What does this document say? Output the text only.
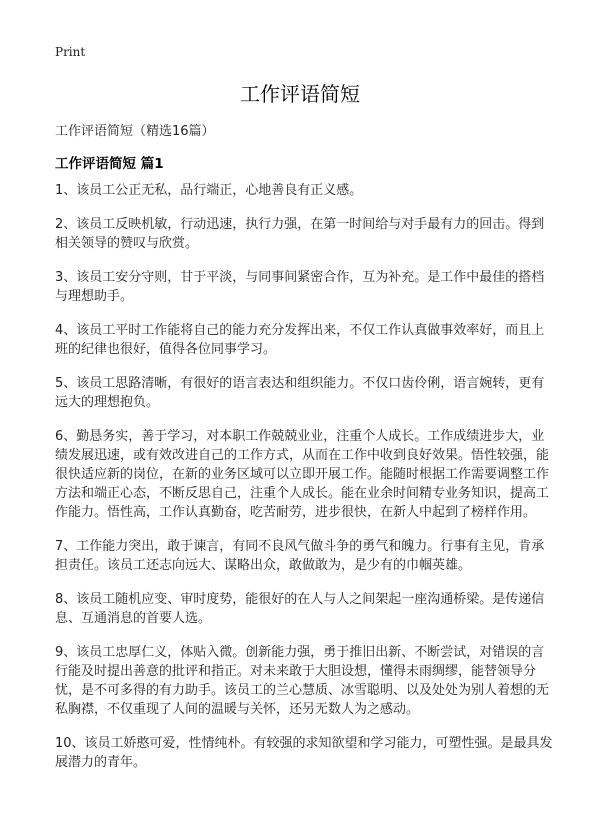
Print
工作评语简短
工作评语简短（精选16篇）
工作评语简短 篇1
1、该员工公正无私，品行端正，心地善良有正义感。
2、该员工反映机敏，行动迅速，执行力强，在第一时间给与对手最有力的回击。得到相关领导的赞叹与欣赏。
3、该员工安分守则，甘于平淡，与同事间紧密合作，互为补充。是工作中最佳的搭档与理想助手。
4、该员工平时工作能将自己的能力充分发挥出来，不仅工作认真做事效率好，而且上班的纪律也很好，值得各位同事学习。
5、该员工思路清晰，有很好的语言表达和组织能力。不仅口齿伶俐，语言婉转，更有远大的理想抱负。
6、勤恳务实，善于学习，对本职工作兢兢业业，注重个人成长。工作成绩进步大，业绩发展迅速，或有效改进自己的工作方式，从而在工作中收到良好效果。悟性较强，能很快适应新的岗位，在新的业务区域可以立即开展工作。能随时根据工作需要调整工作方法和端正心态，不断反思自己，注重个人成长。能在业余时间精专业务知识，提高工作能力。悟性高，工作认真勤奋，吃苦耐劳，进步很快，在新人中起到了榜样作用。
7、工作能力突出，敢于谏言，有同不良风气做斗争的勇气和魄力。行事有主见，肯承担责任。该员工还志向远大、谋略出众，敢做敢为，是少有的巾帼英雄。
8、该员工随机应变、审时度势，能很好的在人与人之间架起一座沟通桥梁。是传递信息、互通消息的首要人选。
9、该员工忠厚仁义，体贴入微。创新能力强，勇于推旧出新、不断尝试，对错误的言行能及时提出善意的批评和指正。对未来敢于大胆设想，懂得未雨绸缪，能替领导分忧，是不可多得的有力助手。该员工的兰心慧质、冰雪聪明、以及处处为别人着想的无私胸襟，不仅重现了人间的温暖与关怀，还另无数人为之感动。
10、该员工娇憨可爱，性情纯朴。有较强的求知欲望和学习能力，可塑性强。是最具发展潜力的青年。
